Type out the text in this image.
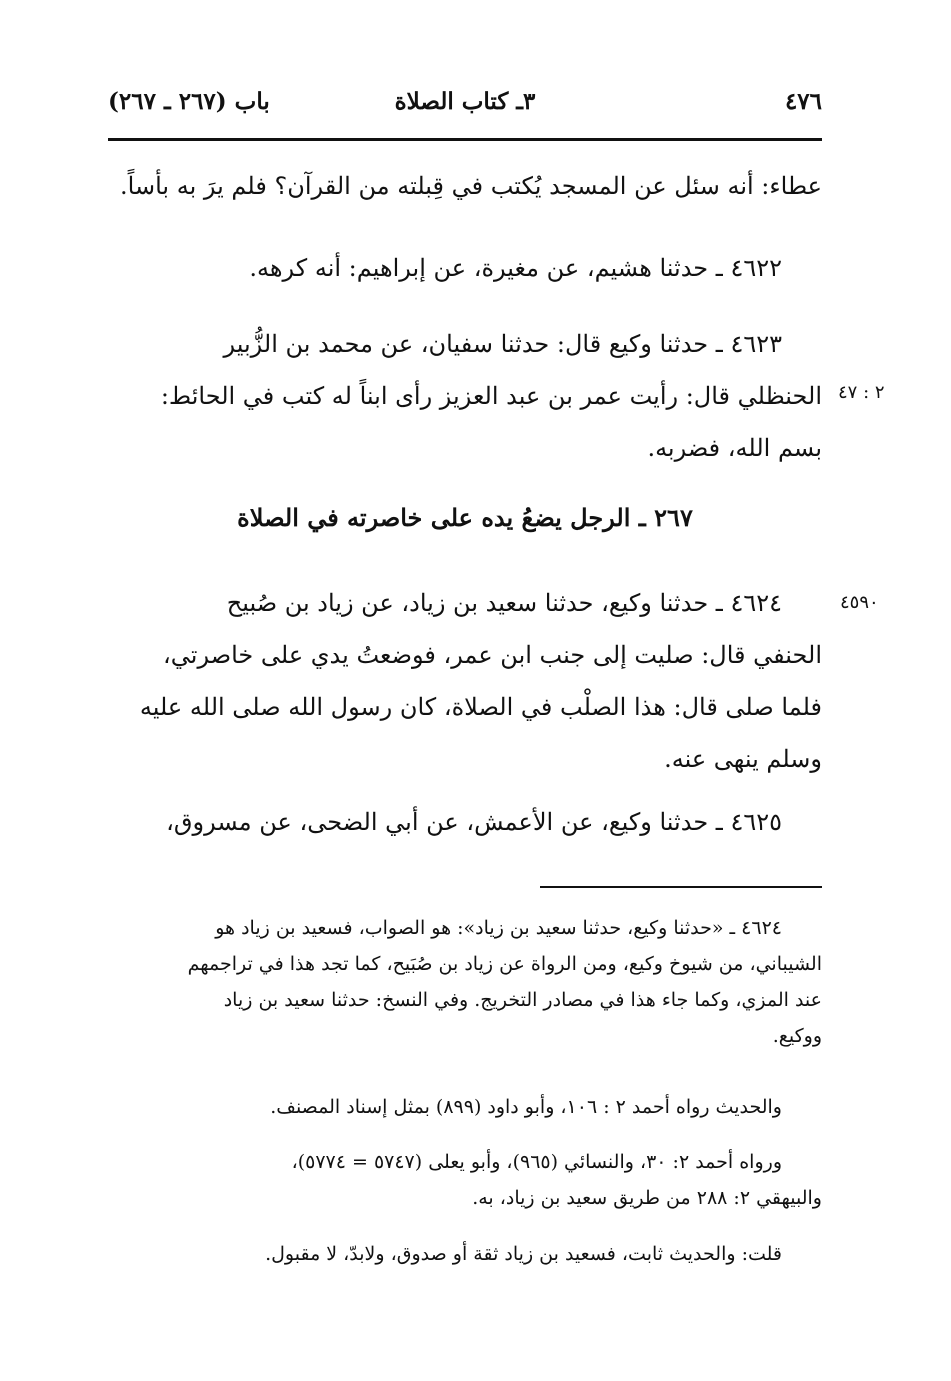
٤٧٦
٣ـ كتاب الصلاة
باب (٢٦٧ ـ ٢٦٧)
عطاء: أنه سئل عن المسجد يُكتب في قِبلته من القرآن؟ فلم يرَ به بأساً.
٤٦٢٢ ـ حدثنا هشيم، عن مغيرة، عن إبراهيم: أنه كرهه.
٤٦٢٣ ـ حدثنا وكيع قال: حدثنا سفيان، عن محمد بن الزُّبير
الحنظلي قال: رأيت عمر بن عبد العزيز رأى ابناً له كتب في الحائط:
بسم الله، فضربه.
٢ : ٤٧
٢٦٧ ـ الرجل يضعُ يده على خاصرته في الصلاة
٤٦٢٤ ـ حدثنا وكيع، حدثنا سعيد بن زياد، عن زياد بن صُبيح
الحنفي قال: صليت إلى جنب ابن عمر، فوضعتُ يدي على خاصرتي،
فلما صلى قال: هذا الصلْب في الصلاة، كان رسول الله صلى الله عليه
وسلم ينهى عنه.
٤٥٩٠
٤٦٢٥ ـ حدثنا وكيع، عن الأعمش، عن أبي الضحى، عن مسروق،
٤٦٢٤ ـ «حدثنا وكيع، حدثنا سعيد بن زياد»: هو الصواب، فسعيد بن زياد هو
الشيباني، من شيوخ وكيع، ومن الرواة عن زياد بن صُبَيح، كما تجد هذا في تراجمهم
عند المزي، وكما جاء هذا في مصادر التخريج. وفي النسخ: حدثنا سعيد بن زياد
ووكيع.
والحديث رواه أحمد ٢ : ١٠٦، وأبو داود (٨٩٩) بمثل إسناد المصنف.
ورواه أحمد ٢: ٣٠، والنسائي (٩٦٥)، وأبو يعلى (٥٧٤٧ = ٥٧٧٤)،
والبيهقي ٢: ٢٨٨ من طريق سعيد بن زياد، به.
قلت: والحديث ثابت، فسعيد بن زياد ثقة أو صدوق، ولابدّ، لا مقبول.
